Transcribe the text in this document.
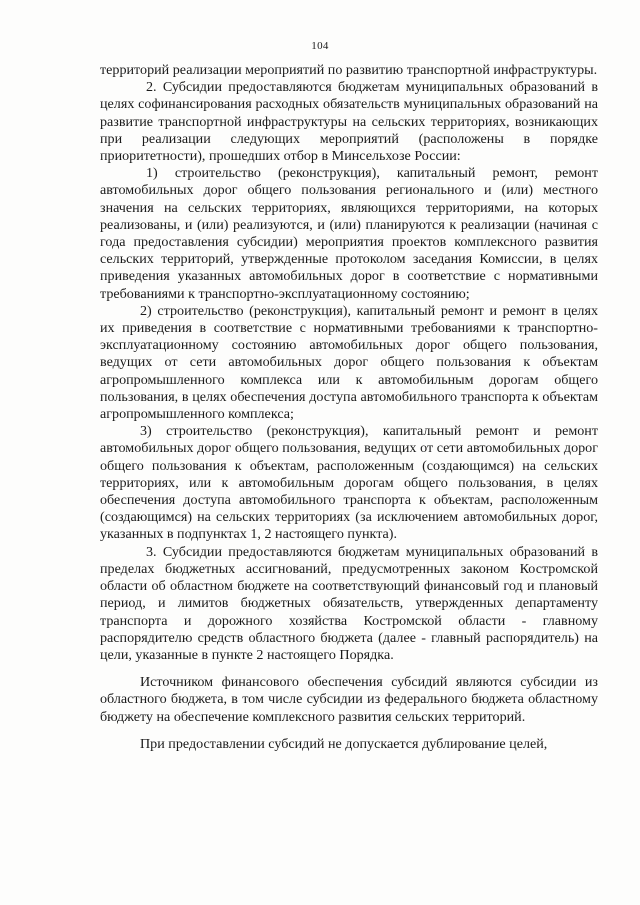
104

территорий реализации мероприятий по развитию транспортной инфраструктуры.

2. Субсидии предоставляются бюджетам муниципальных образований в целях софинансирования расходных обязательств муниципальных образований на развитие транспортной инфраструктуры на сельских территориях, возникающих при реализации следующих мероприятий (расположены в порядке приоритетности), прошедших отбор в Минсельхозе России:

1) строительство (реконструкция), капитальный ремонт, ремонт автомобильных дорог общего пользования регионального и (или) местного значения на сельских территориях, являющихся территориями, на которых реализованы, и (или) реализуются, и (или) планируются к реализации (начиная с года предоставления субсидии) мероприятия проектов комплексного развития сельских территорий, утвержденные протоколом заседания Комиссии, в целях приведения указанных автомобильных дорог в соответствие с нормативными требованиями к транспортно-эксплуатационному состоянию;

2) строительство (реконструкция), капитальный ремонт и ремонт в целях их приведения в соответствие с нормативными требованиями к транспортно-эксплуатационному состоянию автомобильных дорог общего пользования, ведущих от сети автомобильных дорог общего пользования к объектам агропромышленного комплекса или к автомобильным дорогам общего пользования, в целях обеспечения доступа автомобильного транспорта к объектам агропромышленного комплекса;

3) строительство (реконструкция), капитальный ремонт и ремонт автомобильных дорог общего пользования, ведущих от сети автомобильных дорог общего пользования к объектам, расположенным (создающимся) на сельских территориях, или к автомобильным дорогам общего пользования, в целях обеспечения доступа автомобильного транспорта к объектам, расположенным (создающимся) на сельских территориях (за исключением автомобильных дорог, указанных в подпунктах 1, 2 настоящего пункта).

3. Субсидии предоставляются бюджетам муниципальных образований в пределах бюджетных ассигнований, предусмотренных законом Костромской области об областном бюджете на соответствующий финансовый год и плановый период, и лимитов бюджетных обязательств, утвержденных департаменту транспорта и дорожного хозяйства Костромской области - главному распорядителю средств областного бюджета (далее - главный распорядитель) на цели, указанные в пункте 2 настоящего Порядка.

Источником финансового обеспечения субсидий являются субсидии из областного бюджета, в том числе субсидии из федерального бюджета областному бюджету на обеспечение комплексного развития сельских территорий.

При предоставлении субсидий не допускается дублирование целей,
